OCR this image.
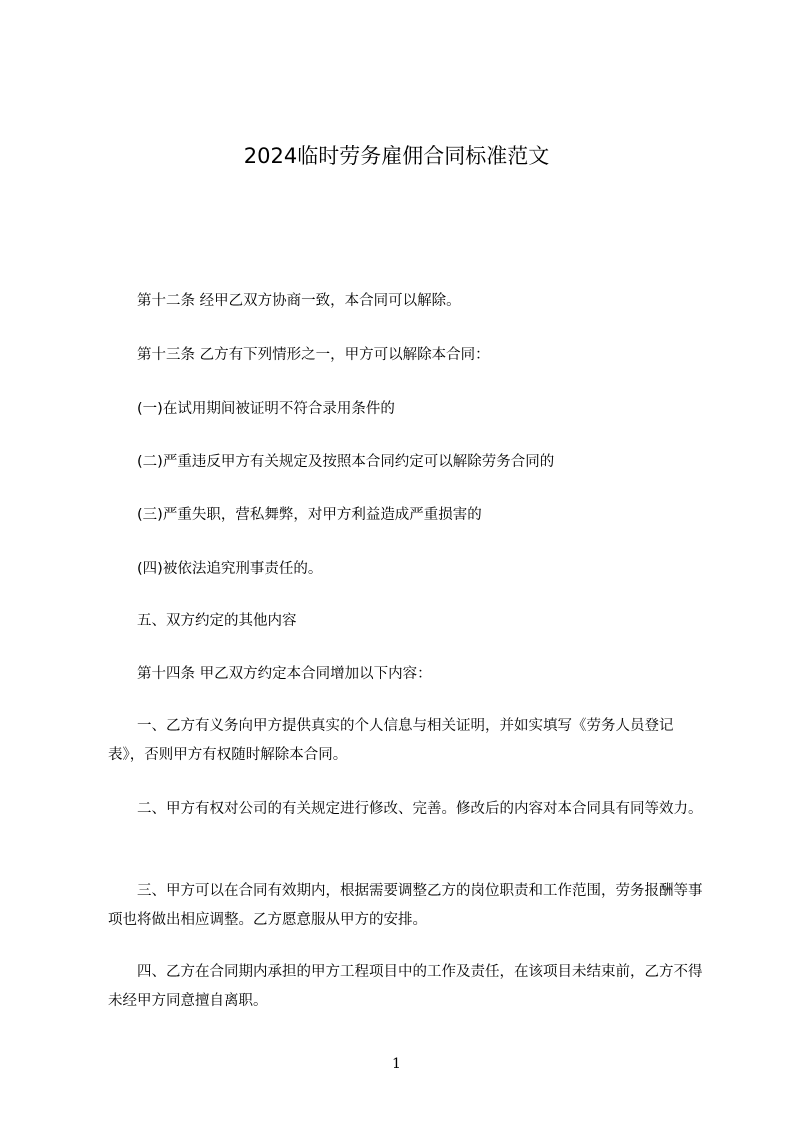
2024临时劳务雇佣合同标准范文

第十二条 经甲乙双方协商一致，本合同可以解除。

第十三条 乙方有下列情形之一，甲方可以解除本合同：

(一)在试用期间被证明不符合录用条件的

(二)严重违反甲方有关规定及按照本合同约定可以解除劳务合同的

(三)严重失职，营私舞弊，对甲方利益造成严重损害的

(四)被依法追究刑事责任的。

五、双方约定的其他内容

第十四条 甲乙双方约定本合同增加以下内容：

一、乙方有义务向甲方提供真实的个人信息与相关证明，并如实填写《劳务人员登记表》，否则甲方有权随时解除本合同。

二、甲方有权对公司的有关规定进行修改、完善。修改后的内容对本合同具有同等效力。

三、甲方可以在合同有效期内，根据需要调整乙方的岗位职责和工作范围，劳务报酬等事项也将做出相应调整。乙方愿意服从甲方的安排。

四、乙方在合同期内承担的甲方工程项目中的工作及责任，在该项目未结束前，乙方不得未经甲方同意擅自离职。

1
